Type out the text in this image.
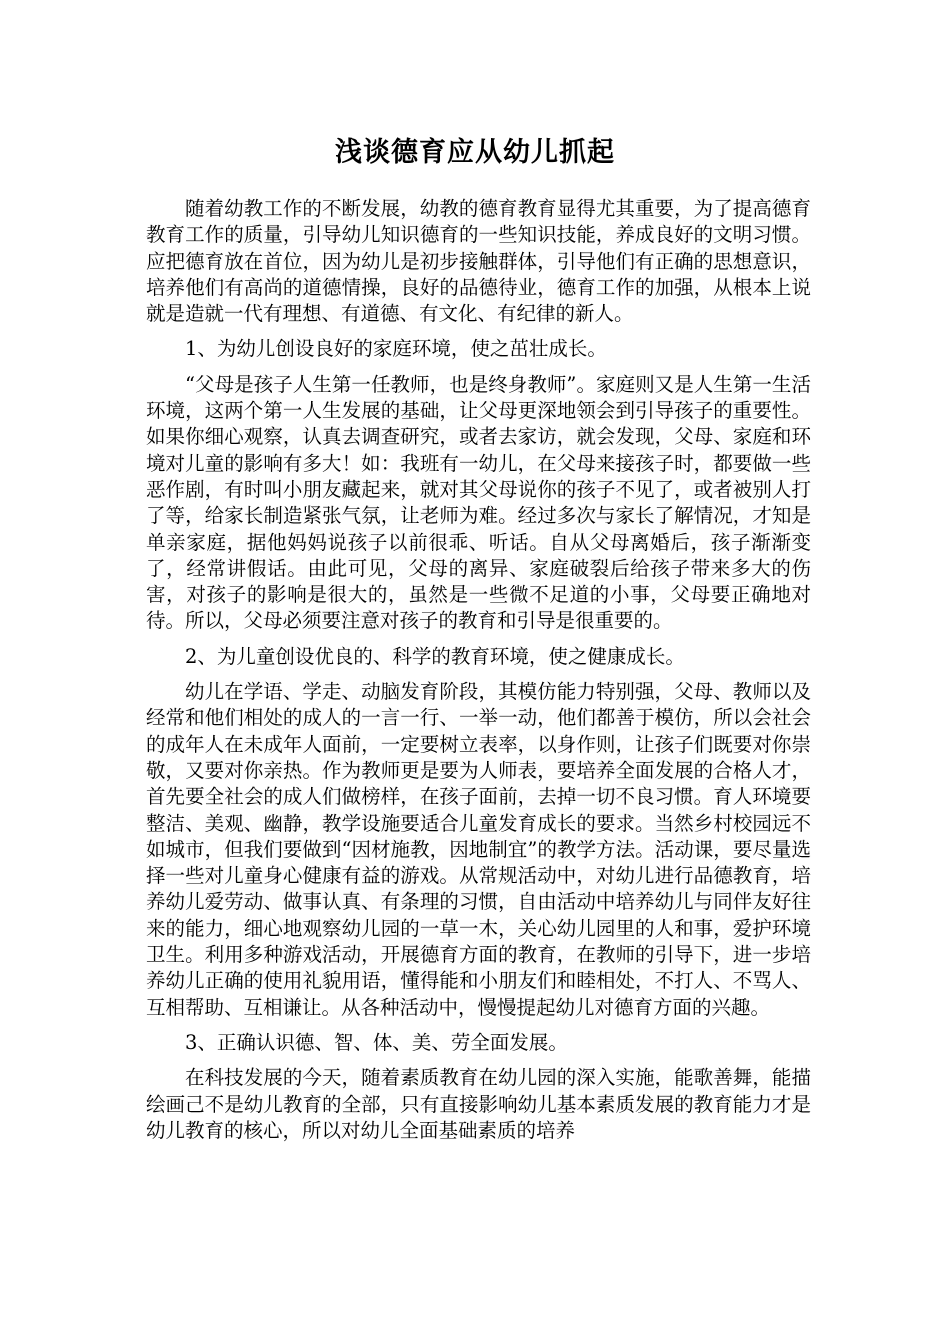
浅谈德育应从幼儿抓起

随着幼教工作的不断发展，幼教的德育教育显得尤其重要，为了提高德育教育工作的质量，引导幼儿知识德育的一些知识技能，养成良好的文明习惯。应把德育放在首位，因为幼儿是初步接触群体，引导他们有正确的思想意识，培养他们有高尚的道德情操，良好的品德待业，德育工作的加强，从根本上说就是造就一代有理想、有道德、有文化、有纪律的新人。

1、为幼儿创设良好的家庭环境，使之茁壮成长。

“父母是孩子人生第一任教师，也是终身教师”。家庭则又是人生第一生活环境，这两个第一人生发展的基础，让父母更深地领会到引导孩子的重要性。如果你细心观察，认真去调查研究，或者去家访，就会发现，父母、家庭和环境对儿童的影响有多大！如：我班有一幼儿，在父母来接孩子时，都要做一些恶作剧，有时叫小朋友藏起来，就对其父母说你的孩子不见了，或者被别人打了等，给家长制造紧张气氛，让老师为难。经过多次与家长了解情况，才知是单亲家庭，据他妈妈说孩子以前很乖、听话。自从父母离婚后，孩子渐渐变了，经常讲假话。由此可见，父母的离异、家庭破裂后给孩子带来多大的伤害，对孩子的影响是很大的，虽然是一些微不足道的小事，父母要正确地对待。所以，父母必须要注意对孩子的教育和引导是很重要的。

2、为儿童创设优良的、科学的教育环境，使之健康成长。

幼儿在学语、学走、动脑发育阶段，其模仿能力特别强，父母、教师以及经常和他们相处的成人的一言一行、一举一动，他们都善于模仿，所以会社会的成年人在未成年人面前，一定要树立表率，以身作则，让孩子们既要对你崇敬，又要对你亲热。作为教师更是要为人师表，要培养全面发展的合格人才，首先要全社会的成人们做榜样，在孩子面前，去掉一切不良习惯。育人环境要整洁、美观、幽静，教学设施要适合儿童发育成长的要求。当然乡村校园远不如城市，但我们要做到“因材施教，因地制宜”的教学方法。活动课，要尽量选择一些对儿童身心健康有益的游戏。从常规活动中，对幼儿进行品德教育，培养幼儿爱劳动、做事认真、有条理的习惯，自由活动中培养幼儿与同伴友好往来的能力，细心地观察幼儿园的一草一木，关心幼儿园里的人和事，爱护环境卫生。利用多种游戏活动，开展德育方面的教育，在教师的引导下，进一步培养幼儿正确的使用礼貌用语，懂得能和小朋友们和睦相处，不打人、不骂人、互相帮助、互相谦让。从各种活动中，慢慢提起幼儿对德育方面的兴趣。

3、正确认识德、智、体、美、劳全面发展。

在科技发展的今天，随着素质教育在幼儿园的深入实施，能歌善舞，能描绘画己不是幼儿教育的全部，只有直接影响幼儿基本素质发展的教育能力才是幼儿教育的核心，所以对幼儿全面基础素质的培养
